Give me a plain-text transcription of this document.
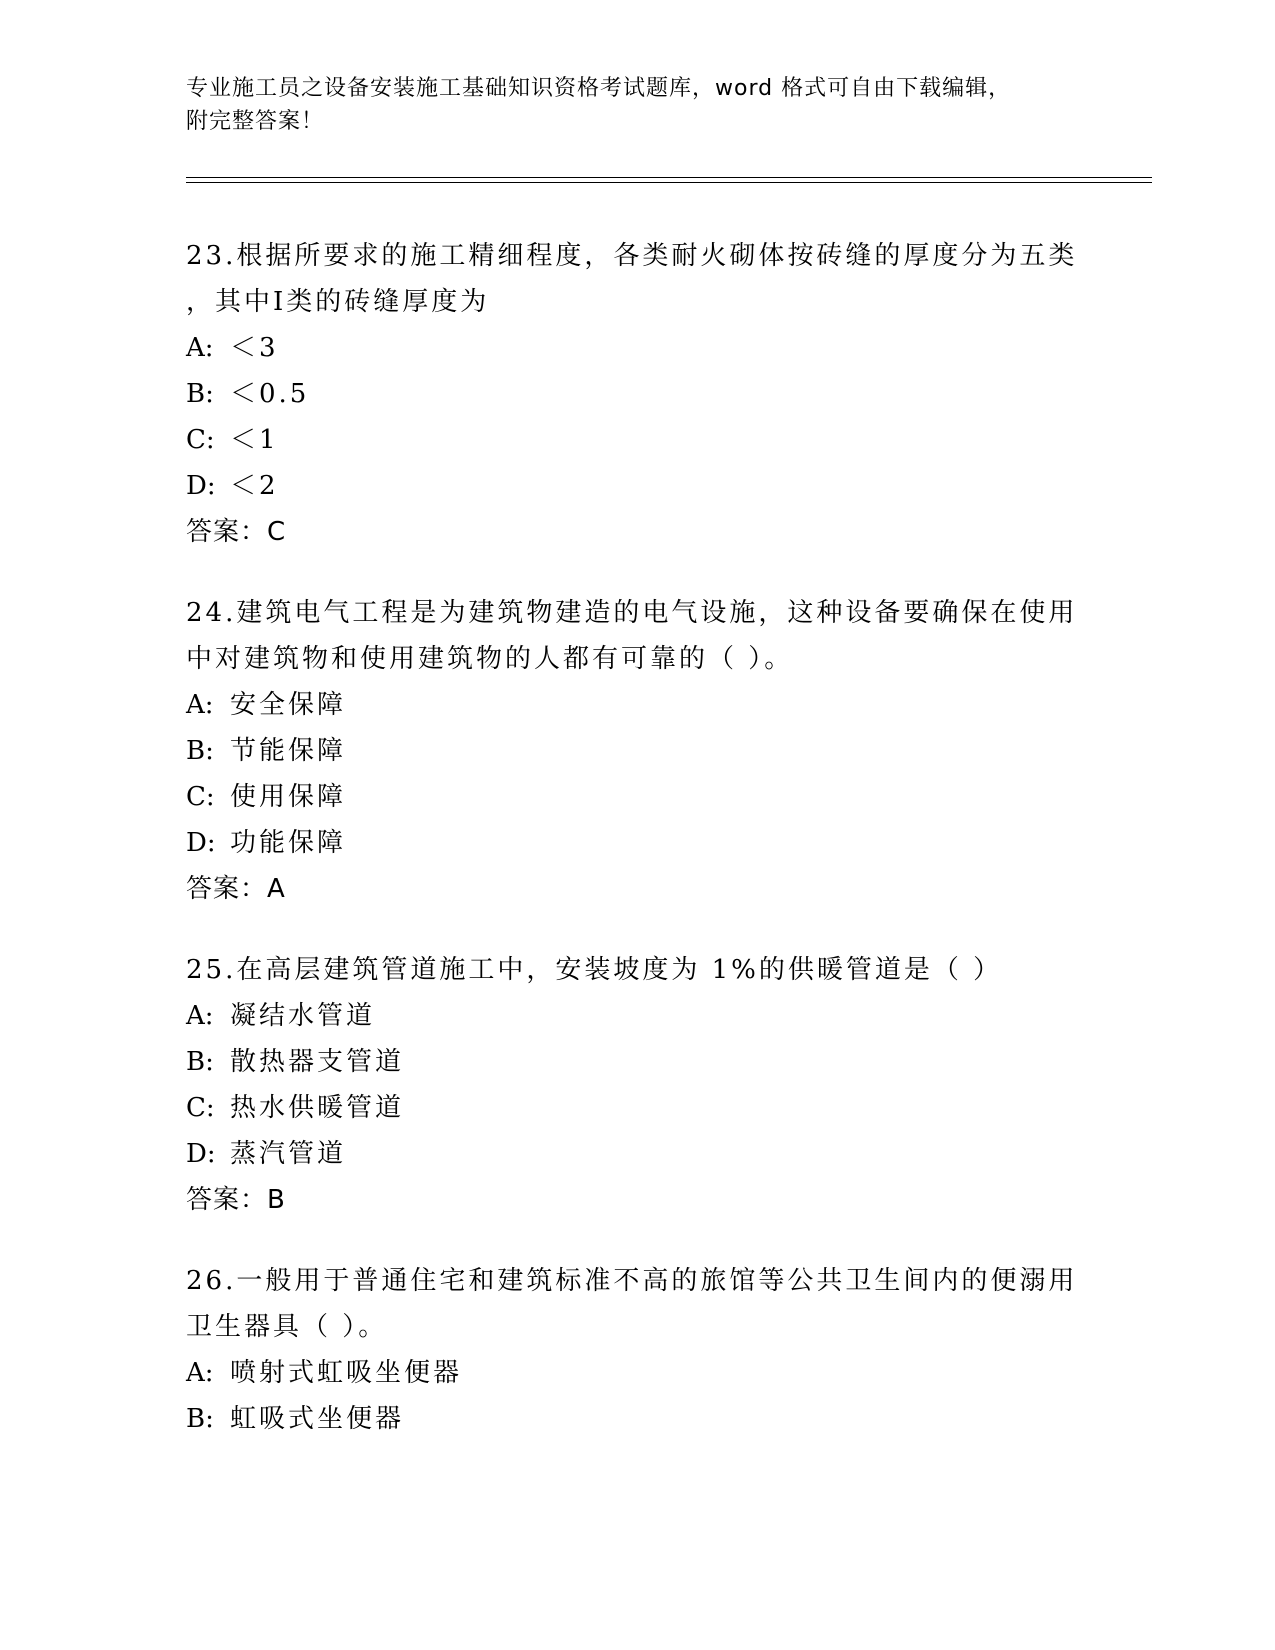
专业施工员之设备安装施工基础知识资格考试题库，word 格式可自由下载编辑，
附完整答案！
23.根据所要求的施工精细程度，各类耐火砌体按砖缝的厚度分为五类
，其中Ⅰ类的砖缝厚度为
A: ＜3
B: ＜0.5
C: ＜1
D: ＜2
答案：C
24.建筑电气工程是为建筑物建造的电气设施，这种设备要确保在使用
中对建筑物和使用建筑物的人都有可靠的（ ）。
A: 安全保障
B: 节能保障
C: 使用保障
D: 功能保障
答案：A
25.在高层建筑管道施工中，安装坡度为 1%的供暖管道是（ ）
A: 凝结水管道
B: 散热器支管道
C: 热水供暖管道
D: 蒸汽管道
答案：B
26.一般用于普通住宅和建筑标准不高的旅馆等公共卫生间内的便溺用
卫生器具（ ）。
A: 喷射式虹吸坐便器
B: 虹吸式坐便器
